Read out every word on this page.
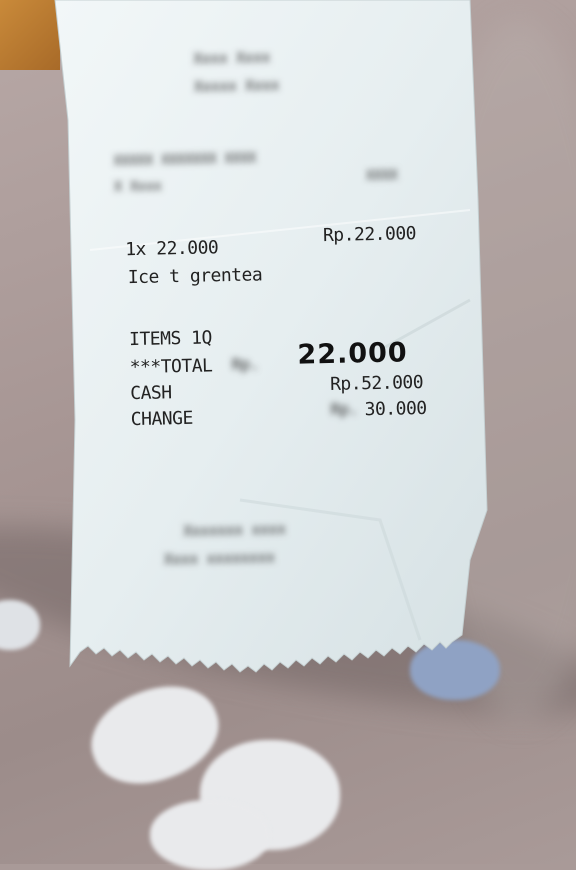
Xxxx Xxxx
Xxxxx Xxxx
XXXXX XXXXXXX XXXX
X Xxxx
XXXX
1x 22.000
Rp.22.000
Ice t grentea
ITEMS 1Q
***TOTAL Rp. 22.000
CASH	Rp.52.000
CHANGE	Rp. 30.000
Xxxxxxx xxxx
Xxxx xxxxxxxx
